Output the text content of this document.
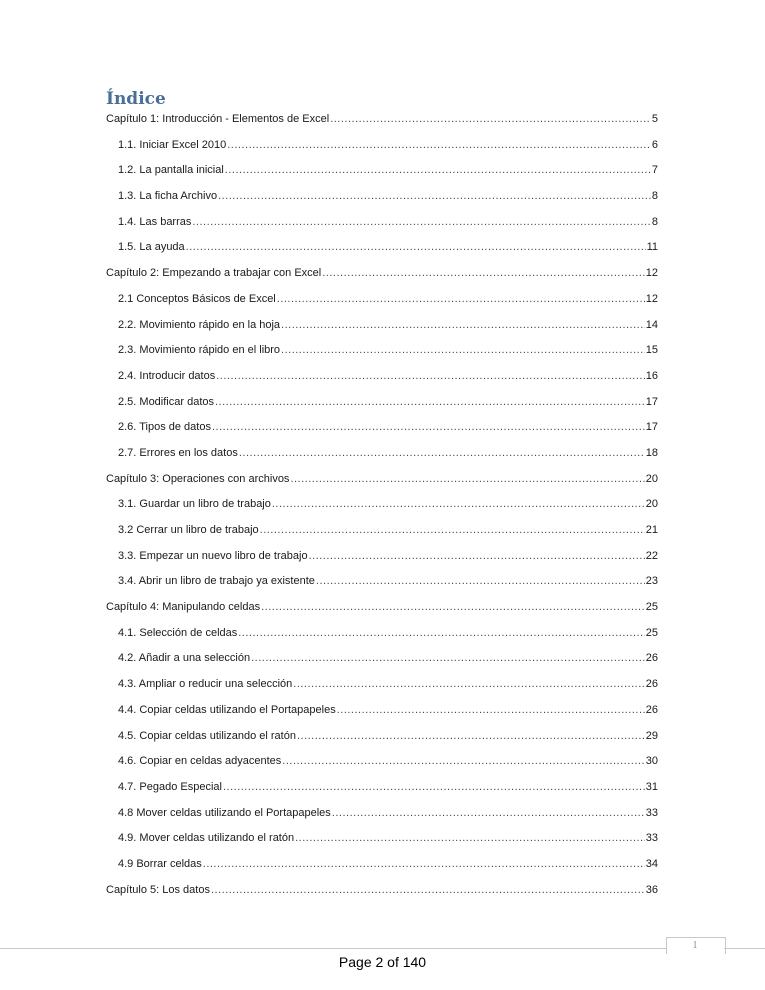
Índice
Capítulo 1: Introducción - Elementos de Excel .....	5
1.1. Iniciar Excel 2010 .....	6
1.2. La pantalla inicial .....	7
1.3. La ficha Archivo .....	8
1.4. Las barras .....	8
1.5. La ayuda .....	11
Capítulo 2: Empezando a trabajar con Excel .....	12
2.1 Conceptos Básicos de Excel .....	12
2.2. Movimiento rápido en la hoja .....	14
2.3. Movimiento rápido en el libro .....	15
2.4. Introducir datos .....	16
2.5. Modificar datos .....	17
2.6. Tipos de datos .....	17
2.7. Errores en los datos .....	18
Capítulo 3: Operaciones con archivos .....	20
3.1. Guardar un libro de trabajo .....	20
3.2 Cerrar un libro de trabajo .....	21
3.3. Empezar un nuevo libro de trabajo .....	22
3.4. Abrir un libro de trabajo ya existente .....	23
Capítulo 4: Manipulando celdas .....	25
4.1. Selección de celdas .....	25
4.2. Añadir a una selección .....	26
4.3. Ampliar o reducir una selección .....	26
4.4. Copiar celdas utilizando el Portapapeles .....	26
4.5. Copiar celdas utilizando el ratón .....	29
4.6. Copiar en celdas adyacentes .....	30
4.7. Pegado Especial .....	31
4.8 Mover celdas utilizando el Portapapeles .....	33
4.9. Mover celdas utilizando el ratón .....	33
4.9 Borrar celdas .....	34
Capítulo 5: Los datos .....	36
1
Page 2 of 140
